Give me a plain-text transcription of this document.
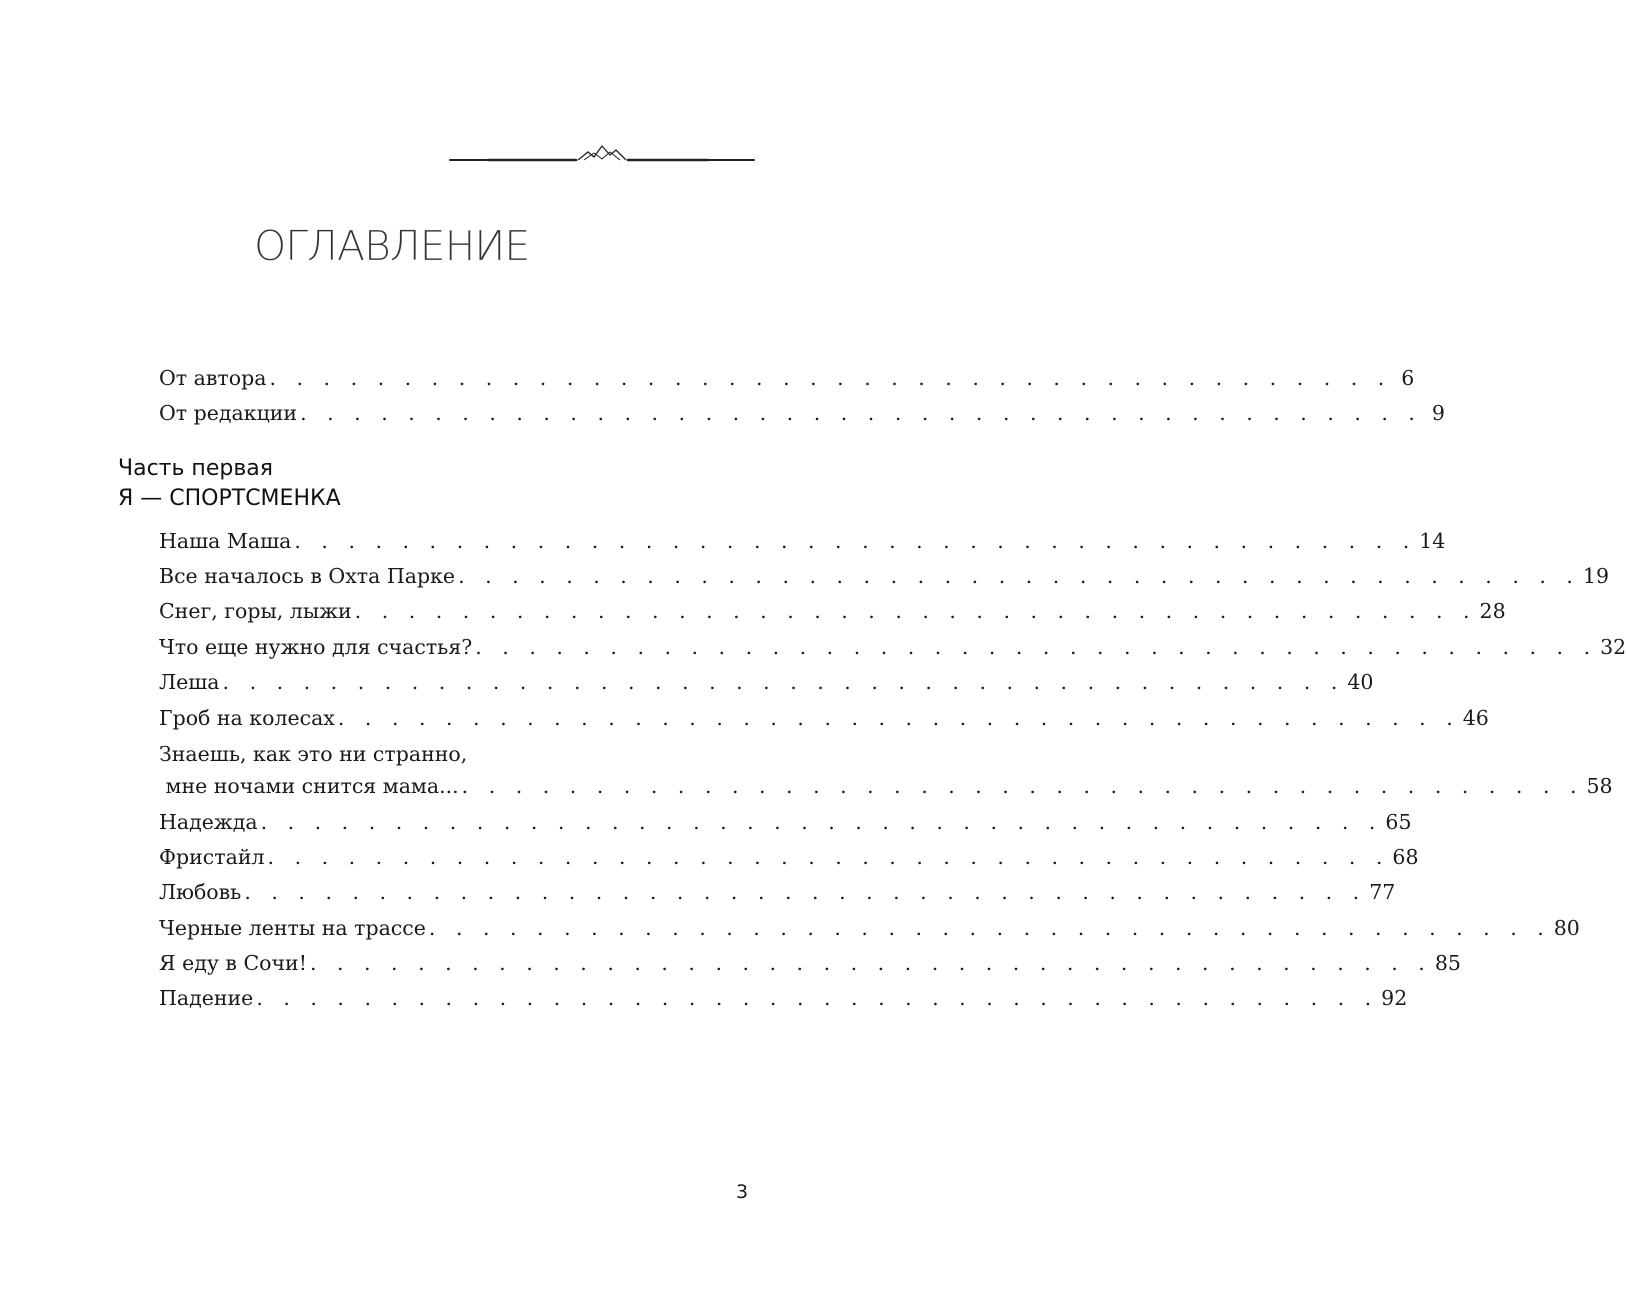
ОГЛАВЛЕНИЕ
От автора . . . . . . . . . . . . . . . . . . . . . . . . . . . . . . . . . . . . . . . . . . 6
От редакции . . . . . . . . . . . . . . . . . . . . . . . . . . . . . . . . . . . . . . . . . . 9
Часть первая
Я — СПОРТСМЕНКА
Наша Маша . . . . . . . . . . . . . . . . . . . . . . . . . . . . . . . . . . . . . . . . . . 14
Все началось в Охта Парке . . . . . . . . . . . . . . . . . . . . . . . . . . . . . . . . . . . . . . . . . . 19
Снег, горы, лыжи . . . . . . . . . . . . . . . . . . . . . . . . . . . . . . . . . . . . . . . . . . 28
Что еще нужно для счастья? . . . . . . . . . . . . . . . . . . . . . . . . . . . . . . . . . . . . . . . . . . 32
Леша . . . . . . . . . . . . . . . . . . . . . . . . . . . . . . . . . . . . . . . . . . 40
Гроб на колесах . . . . . . . . . . . . . . . . . . . . . . . . . . . . . . . . . . . . . . . . . . 46
Знаешь, как это ни странно,
мне ночами снится мама... . . . . . . . . . . . . . . . . . . . . . . . . . . . . . . . . . . . . . . . . . . 58
Надежда . . . . . . . . . . . . . . . . . . . . . . . . . . . . . . . . . . . . . . . . . . 65
Фристайл . . . . . . . . . . . . . . . . . . . . . . . . . . . . . . . . . . . . . . . . . . 68
Любовь . . . . . . . . . . . . . . . . . . . . . . . . . . . . . . . . . . . . . . . . . . 77
Черные ленты на трассе . . . . . . . . . . . . . . . . . . . . . . . . . . . . . . . . . . . . . . . . . . 80
Я еду в Сочи! . . . . . . . . . . . . . . . . . . . . . . . . . . . . . . . . . . . . . . . . . . 85
Падение . . . . . . . . . . . . . . . . . . . . . . . . . . . . . . . . . . . . . . . . . . 92
3
